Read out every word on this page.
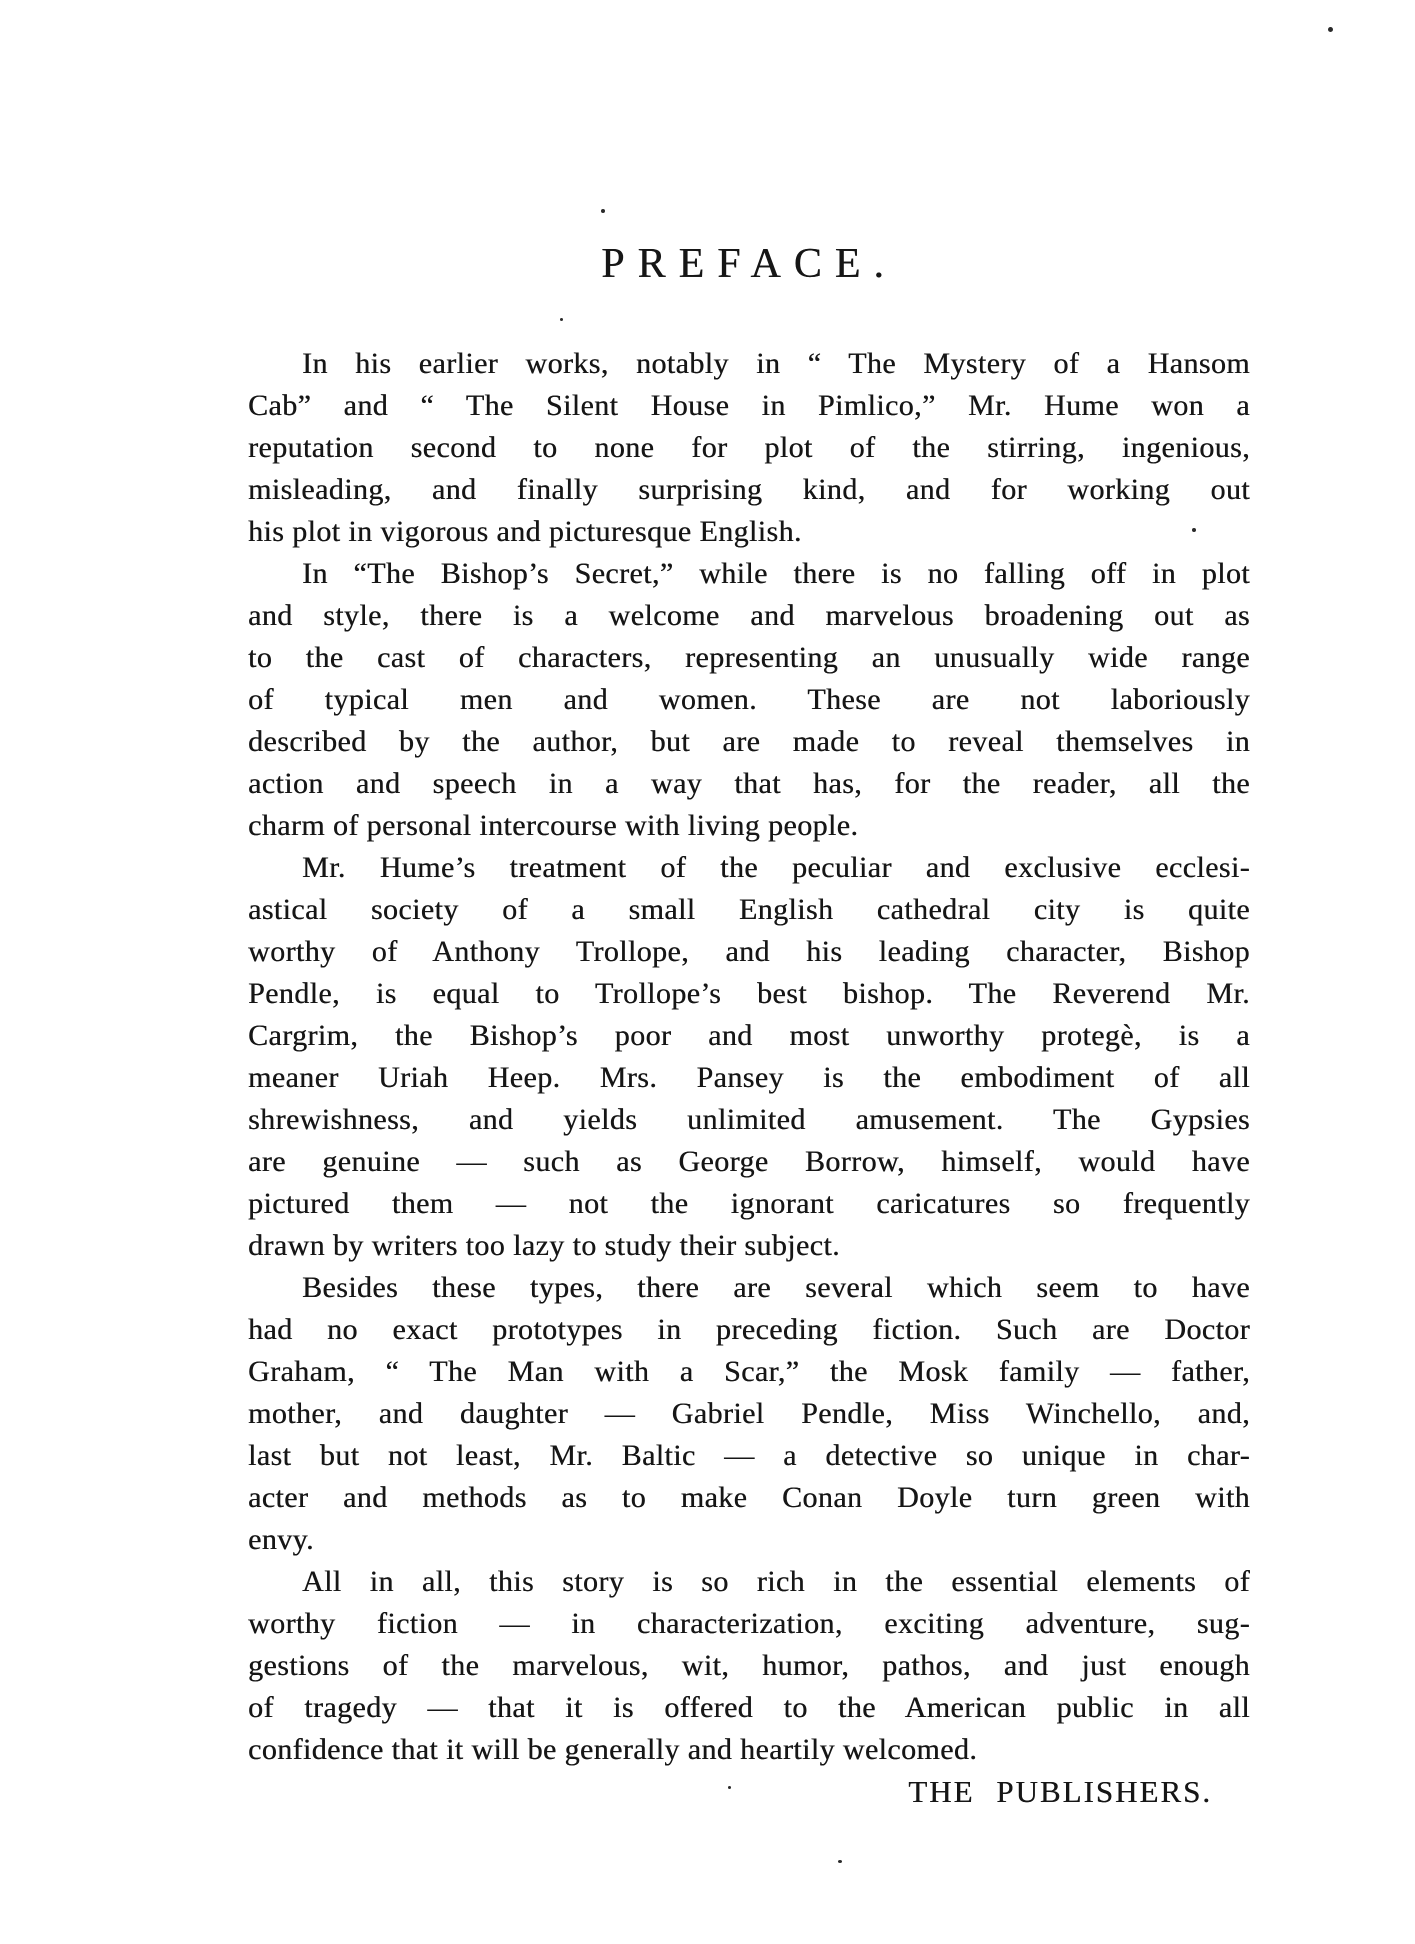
PREFACE.
In his earlier works, notably in “ The Mystery of a Hansom
Cab” and “ The Silent House in Pimlico,” Mr. Hume won a
reputation second to none for plot of the stirring, ingenious,
misleading, and finally surprising kind, and for working out
his plot in vigorous and picturesque English.
In “The Bishop’s Secret,” while there is no falling off in plot
and style, there is a welcome and marvelous broadening out as
to the cast of characters, representing an unusually wide range
of typical men and women. These are not laboriously
described by the author, but are made to reveal themselves in
action and speech in a way that has, for the reader, all the
charm of personal intercourse with living people.
Mr. Hume’s treatment of the peculiar and exclusive ecclesi-
astical society of a small English cathedral city is quite
worthy of Anthony Trollope, and his leading character, Bishop
Pendle, is equal to Trollope’s best bishop. The Reverend Mr.
Cargrim, the Bishop’s poor and most unworthy protegè, is a
meaner Uriah Heep. Mrs. Pansey is the embodiment of all
shrewishness, and yields unlimited amusement. The Gypsies
are genuine — such as George Borrow, himself, would have
pictured them — not the ignorant caricatures so frequently
drawn by writers too lazy to study their subject.
Besides these types, there are several which seem to have
had no exact prototypes in preceding fiction. Such are Doctor
Graham, “ The Man with a Scar,” the Mosk family — father,
mother, and daughter — Gabriel Pendle, Miss Winchello, and,
last but not least, Mr. Baltic — a detective so unique in char-
acter and methods as to make Conan Doyle turn green with
envy.
All in all, this story is so rich in the essential elements of
worthy fiction — in characterization, exciting adventure, sug-
gestions of the marvelous, wit, humor, pathos, and just enough
of tragedy — that it is offered to the American public in all
confidence that it will be generally and heartily welcomed.
THE PUBLISHERS.
